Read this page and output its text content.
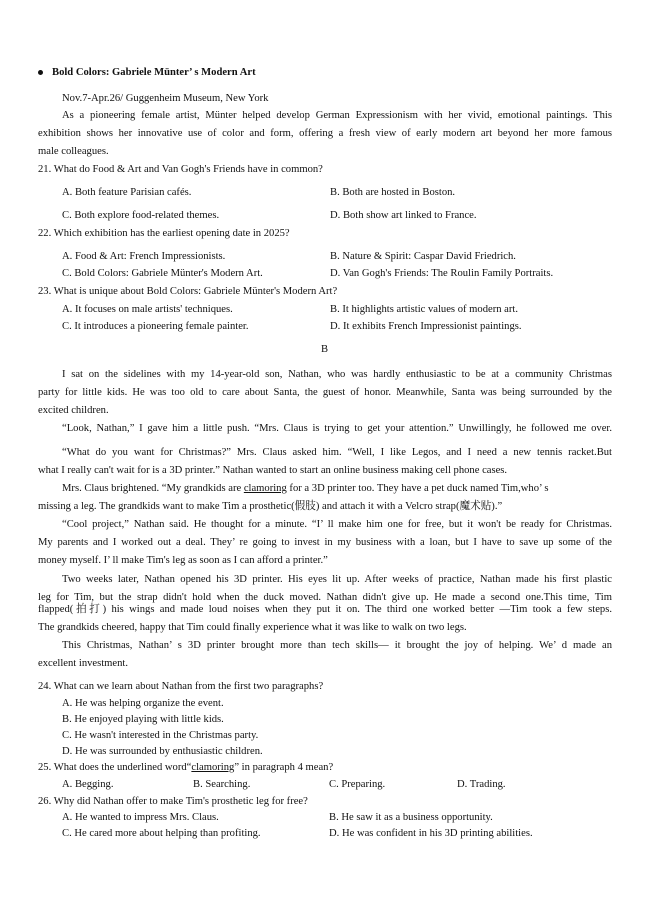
Bold Colors: Gabriele Münter’ s Modern Art
Nov.7-Apr.26/ Guggenheim Museum, New York
As a pioneering female artist, Münter helped develop German Expressionism with her vivid, emotional paintings. This
exhibition shows her innovative use of color and form, offering a fresh view of early modern art beyond her more famous
male colleagues.
21. What do Food & Art and Van Gogh's Friends have in common?
A. Both feature Parisian cafés.	B. Both are hosted in Boston.
C. Both explore food-related themes.	D. Both show art linked to France.
22. Which exhibition has the earliest opening date in 2025?
A. Food & Art: French Impressionists.	B. Nature & Spirit: Caspar David Friedrich.
C. Bold Colors: Gabriele Münter's Modern Art.	D. Van Gogh's Friends: The Roulin Family Portraits.
23. What is unique about Bold Colors: Gabriele Münter's Modern Art?
A. It focuses on male artists' techniques.	B. It highlights artistic values of modern art.
C. It introduces a pioneering female painter.	D. It exhibits French Impressionist paintings.
B
I sat on the sidelines with my 14-year-old son, Nathan, who was hardly enthusiastic to be at a community Christmas
party for little kids. He was too old to care about Santa, the guest of honor. Meanwhile, Santa was being surrounded by the
excited children.
“Look, Nathan,” I gave him a little push. “Mrs. Claus is trying to get your attention.” Unwillingly, he followed me over.
“What do you want for Christmas?” Mrs. Claus asked him. “Well, I like Legos, and I need a new tennis racket.But
what I really can't wait for is a 3D printer.” Nathan wanted to start an online business making cell phone cases.
Mrs. Claus brightened. “My grandkids are clamoring for a 3D printer too. They have a pet duck named Tim,who’ s
missing a leg. The grandkids want to make Tim a prosthetic(假肢) and attach it with a Velcro strap(魔术贴).”
“Cool project,” Nathan said. He thought for a minute. “I’ ll make him one for free, but it won't be ready for Christmas.
My parents and I worked out a deal. They’ re going to invest in my business with a loan, but I have to save up some of the
money myself. I’ ll make Tim's leg as soon as I can afford a printer.”
Two weeks later, Nathan opened his 3D printer. His eyes lit up. After weeks of practice, Nathan made his first plastic
leg for Tim, but the strap didn't hold when the duck moved. Nathan didn't give up. He made a second one.This time, Tim
flapped(拍打) his wings and made loud noises when they put it on. The third one worked better —Tim took a few steps.
The grandkids cheered, happy that Tim could finally experience what it was like to walk on two legs.
This Christmas, Nathan’ s 3D printer brought more than tech skills— it brought the joy of helping. We’ d made an
excellent investment.
24. What can we learn about Nathan from the first two paragraphs?
A. He was helping organize the event.
B. He enjoyed playing with little kids.
C. He wasn't interested in the Christmas party.
D. He was surrounded by enthusiastic children.
25. What does the underlined word“clamoring” in paragraph 4 mean?
A. Begging.	B. Searching.	C. Preparing.	D. Trading.
26. Why did Nathan offer to make Tim's prosthetic leg for free?
A. He wanted to impress Mrs. Claus.	B. He saw it as a business opportunity.
C. He cared more about helping than profiting.	D. He was confident in his 3D printing abilities.
